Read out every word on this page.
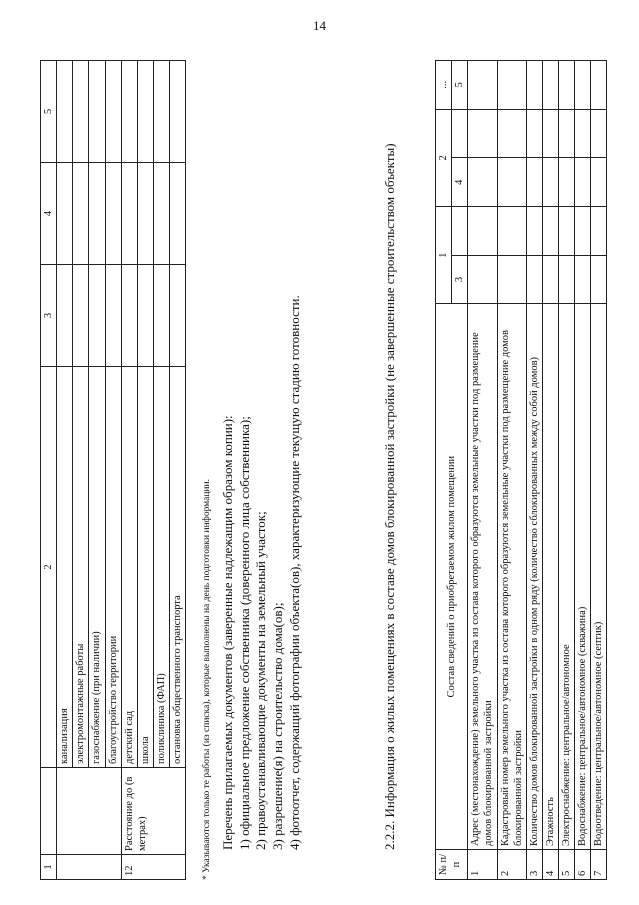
14
1		2	3	4	5
		канализация			
		электромонтажные работы			
		газоснабжение (при наличии)			
		благоустройство территории			
12	Расстояние до (в метрах)	детский сад			
		школа			
		поликлиника (ФАП)			
		остановка общественного транспорта			* Указываются только те работы (из списка), которые выполнены на день подготовки информации. Перечень прилагаемых документов (заверенные надлежащим образом копии): 1) официальное предложение собственника (доверенного лица собственника); 2) правоустанавливающие документы на земельный участок; 3) разрешение(я) на строительство дома(ов); 4) фотоотчет, содержащий фотографии объекта(ов), характеризующие текущую стадию готовности.	2.2.2. Информация о жилых помещениях в составе домов блокированной застройки (не завершенные строительством объекты)
№ п/п	Состав сведений о приобретаемом жилом помещении	1		2		...
		3		4		5
1	Адрес (местонахождение) земельного участка из состава которого образуются земельные участки под размещение домов блокированной застройки					
2	Кадастровый номер земельного участка из состава которого образуются земельные участки под размещение домов блокированной застройки					
3	Количество домов блокированной застройки в одном ряду (количество сблокированных между собой домов)					
4	Этажность					
5	Электроснабжение: центральное/автономное					
6	Водоснабжение: центральное/автономное (скважина)					
7	Водоотведение: центральное/автономное (септик)					
